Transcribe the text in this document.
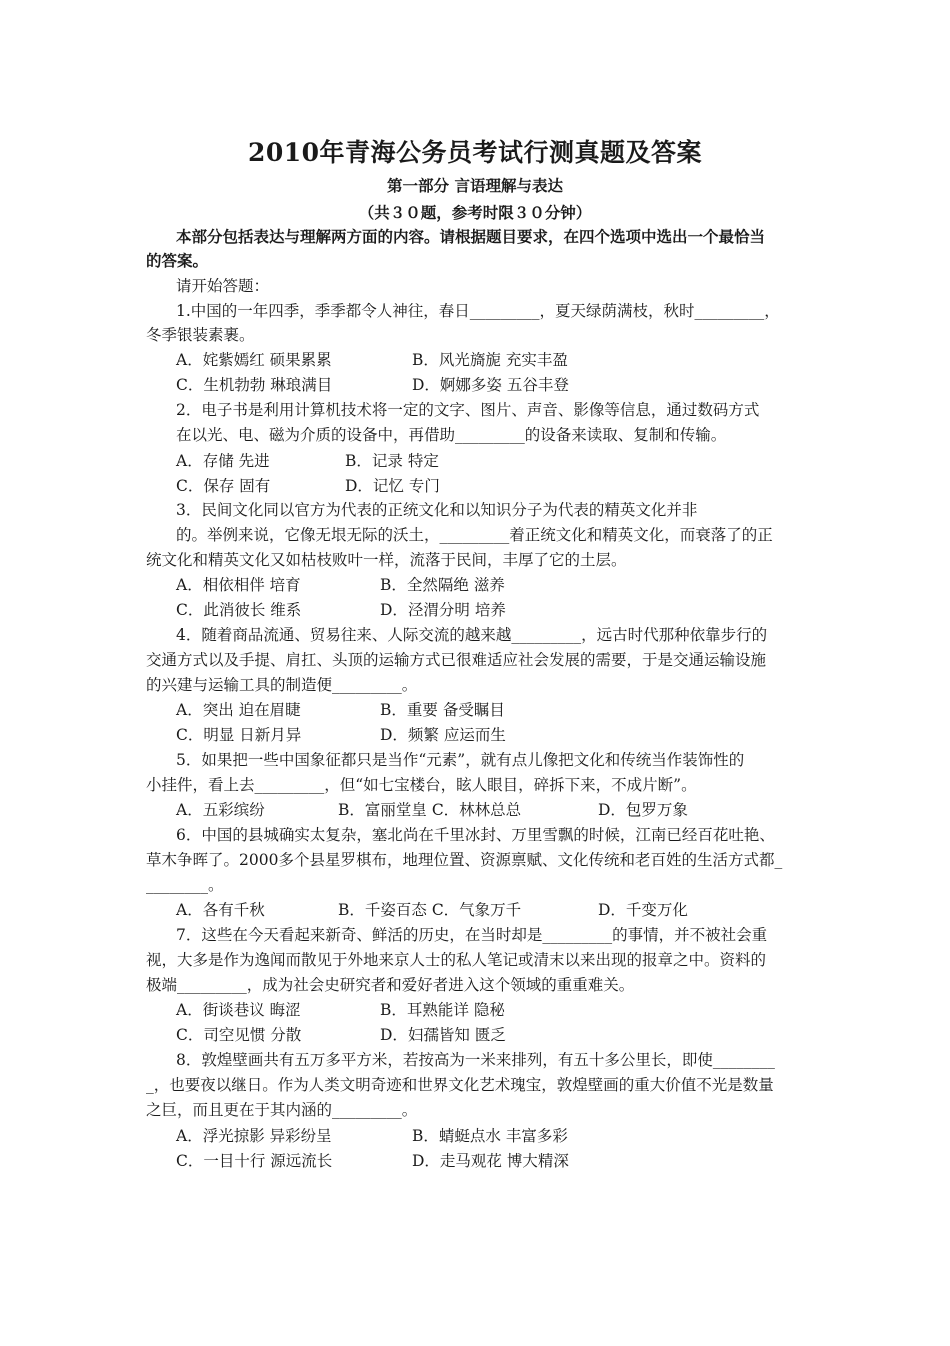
2010年青海公务员考试行测真题及答案
第一部分 言语理解与表达
（共３０题，参考时限３０分钟）
本部分包括表达与理解两方面的内容。请根据题目要求，在四个选项中选出一个最恰当
的答案。
请开始答题：
1.中国的一年四季，季季都令人神往，春日_________，夏天绿荫满枝，秋时_________，
冬季银装素裹。
A．姹紫嫣红 硕果累累	B．风光旖旎 充实丰盈
C．生机勃勃 琳琅满目	D．婀娜多姿 五谷丰登
2．电子书是利用计算机技术将一定的文字、图片、声音、影像等信息，通过数码方式
在以光、电、磁为介质的设备中，再借助_________的设备来读取、复制和传输。
A．存储 先进	B．记录 特定
C．保存 固有	D．记忆 专门
3．民间文化同以官方为代表的正统文化和以知识分子为代表的精英文化并非
的。举例来说，它像无垠无际的沃土，_________着正统文化和精英文化，而衰落了的正
统文化和精英文化又如枯枝败叶一样，流落于民间，丰厚了它的土层。
A．相依相伴 培育	B．全然隔绝 滋养
C．此消彼长 维系	D．泾渭分明 培养
4．随着商品流通、贸易往来、人际交流的越来越_________，远古时代那种依靠步行的
交通方式以及手提、肩扛、头顶的运输方式已很难适应社会发展的需要，于是交通运输设施
的兴建与运输工具的制造便_________。
A．突出 迫在眉睫	B．重要 备受瞩目
C．明显 日新月异	D．频繁 应运而生
5．如果把一些中国象征都只是当作“元素”，就有点儿像把文化和传统当作装饰性的
小挂件，看上去_________，但“如七宝楼台，眩人眼目，碎拆下来，不成片断”。
A．五彩缤纷	B．富丽堂皇 C．林林总总	D．包罗万象
6．中国的县城确实太复杂，塞北尚在千里冰封、万里雪飘的时候，江南已经百花吐艳、
草木争晖了。2000多个县星罗棋布，地理位置、资源禀赋、文化传统和老百姓的生活方式都_
________。
A．各有千秋	B．千姿百态 C．气象万千	D．千变万化
7．这些在今天看起来新奇、鲜活的历史，在当时却是_________的事情，并不被社会重
视，大多是作为逸闻而散见于外地来京人士的私人笔记或清末以来出现的报章之中。资料的
极端_________，成为社会史研究者和爱好者进入这个领域的重重难关。
A．街谈巷议 晦涩	B．耳熟能详 隐秘
C．司空见惯 分散	D．妇孺皆知 匮乏
8．敦煌壁画共有五万多平方米，若按高为一米来排列，有五十多公里长，即使________
_，也要夜以继日。作为人类文明奇迹和世界文化艺术瑰宝，敦煌壁画的重大价值不光是数量
之巨，而且更在于其内涵的_________。
A．浮光掠影 异彩纷呈	B．蜻蜓点水 丰富多彩
C．一目十行 源远流长	D．走马观花 博大精深
